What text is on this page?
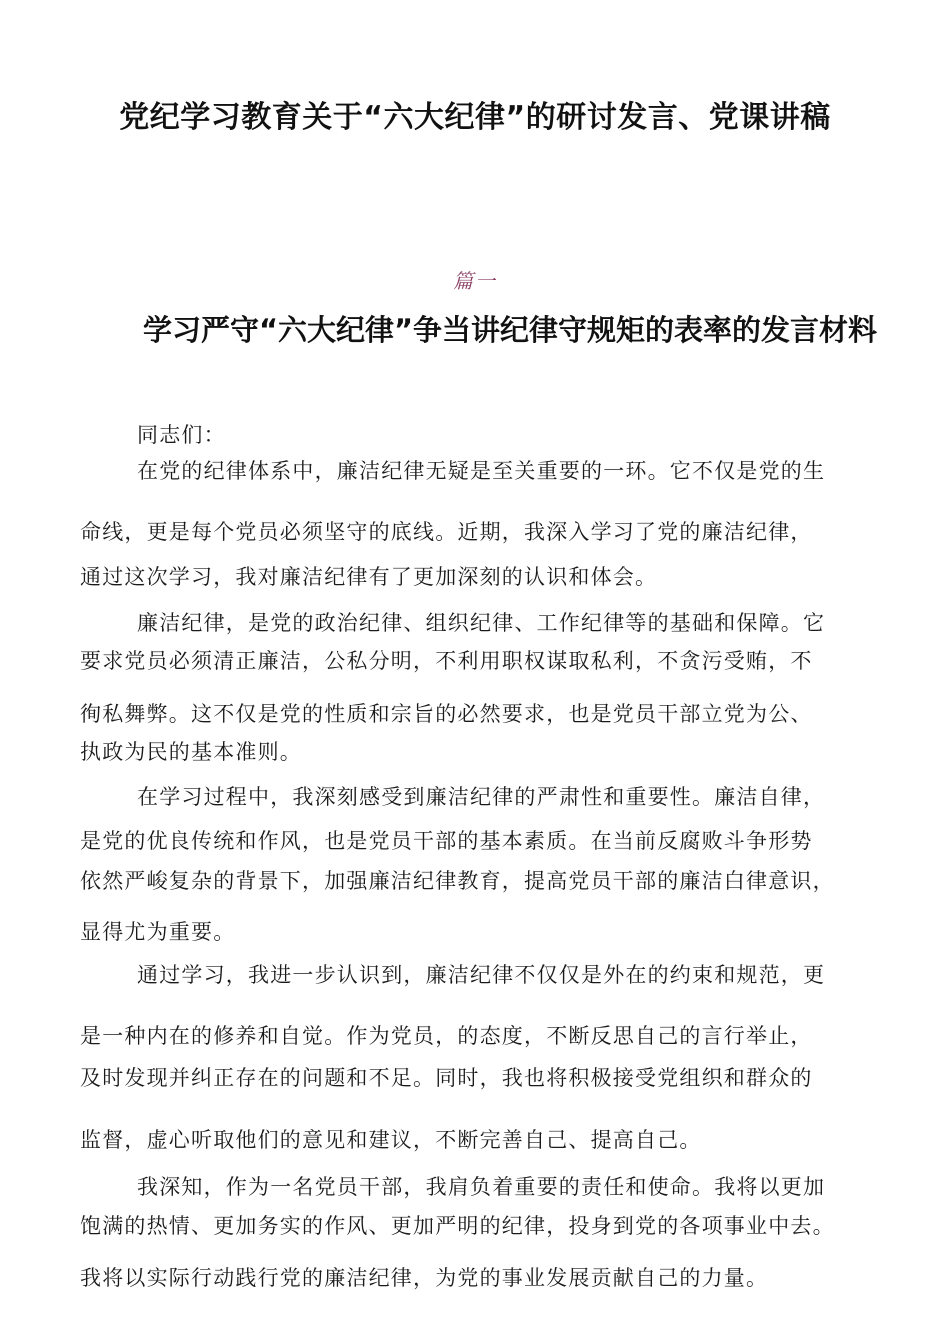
党纪学习教育关于“六大纪律”的研讨发言、党课讲稿
篇一
学习严守“六大纪律”争当讲纪律守规矩的表率的发言材料
同志们：
在党的纪律体系中，廉洁纪律无疑是至关重要的一环。它不仅是党的生
命线，更是每个党员必须坚守的底线。近期，我深入学习了党的廉洁纪律，
通过这次学习，我对廉洁纪律有了更加深刻的认识和体会。
廉洁纪律，是党的政治纪律、组织纪律、工作纪律等的基础和保障。它
要求党员必须清正廉洁，公私分明，不利用职权谋取私利，不贪污受贿，不
徇私舞弊。这不仅是党的性质和宗旨的必然要求，也是党员干部立党为公、
执政为民的基本准则。
在学习过程中，我深刻感受到廉洁纪律的严肃性和重要性。廉洁自律，
是党的优良传统和作风，也是党员干部的基本素质。在当前反腐败斗争形势
依然严峻复杂的背景下，加强廉洁纪律教育，提高党员干部的廉洁白律意识，
显得尤为重要。
通过学习，我进一步认识到，廉洁纪律不仅仅是外在的约束和规范，更
是一种内在的修养和自觉。作为党员，的态度，不断反思自己的言行举止，
及时发现并纠正存在的问题和不足。同时，我也将积极接受党组织和群众的
监督，虚心听取他们的意见和建议，不断完善自己、提高自己。
我深知，作为一名党员干部，我肩负着重要的责任和使命。我将以更加
饱满的热情、更加务实的作风、更加严明的纪律，投身到党的各项事业中去。
我将以实际行动践行党的廉洁纪律，为党的事业发展贡献自己的力量。
